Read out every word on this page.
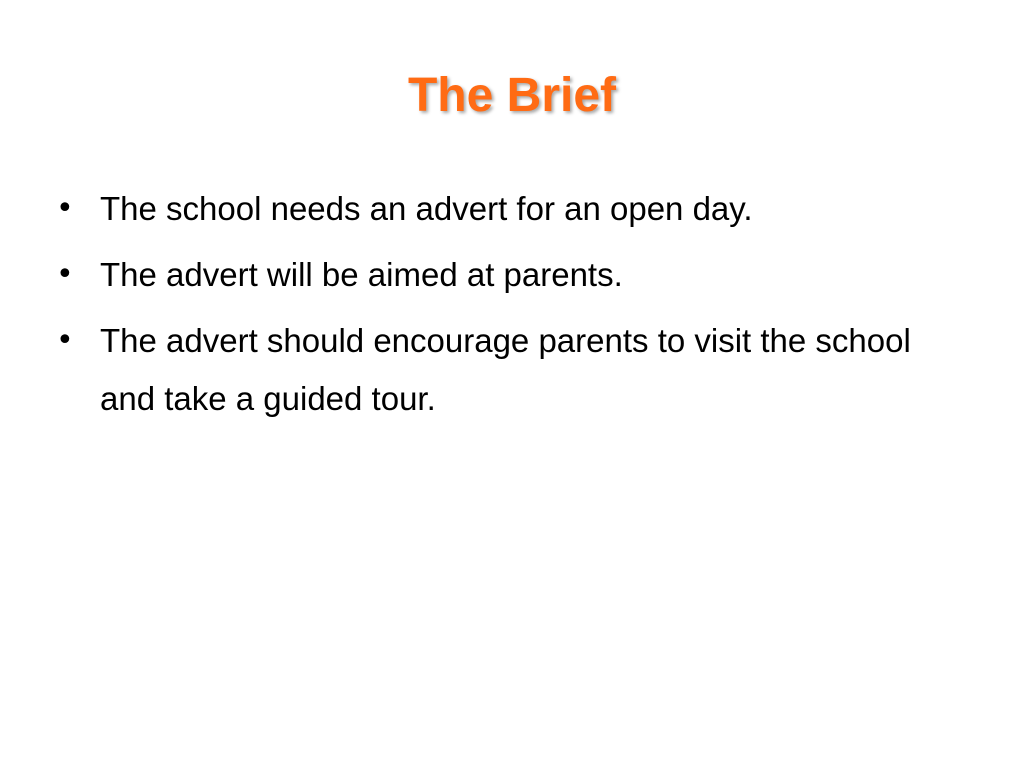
The Brief
• The school needs an advert for an open day.
• The advert will be aimed at parents.
• The advert should encourage parents to visit the school and take a guided tour.
